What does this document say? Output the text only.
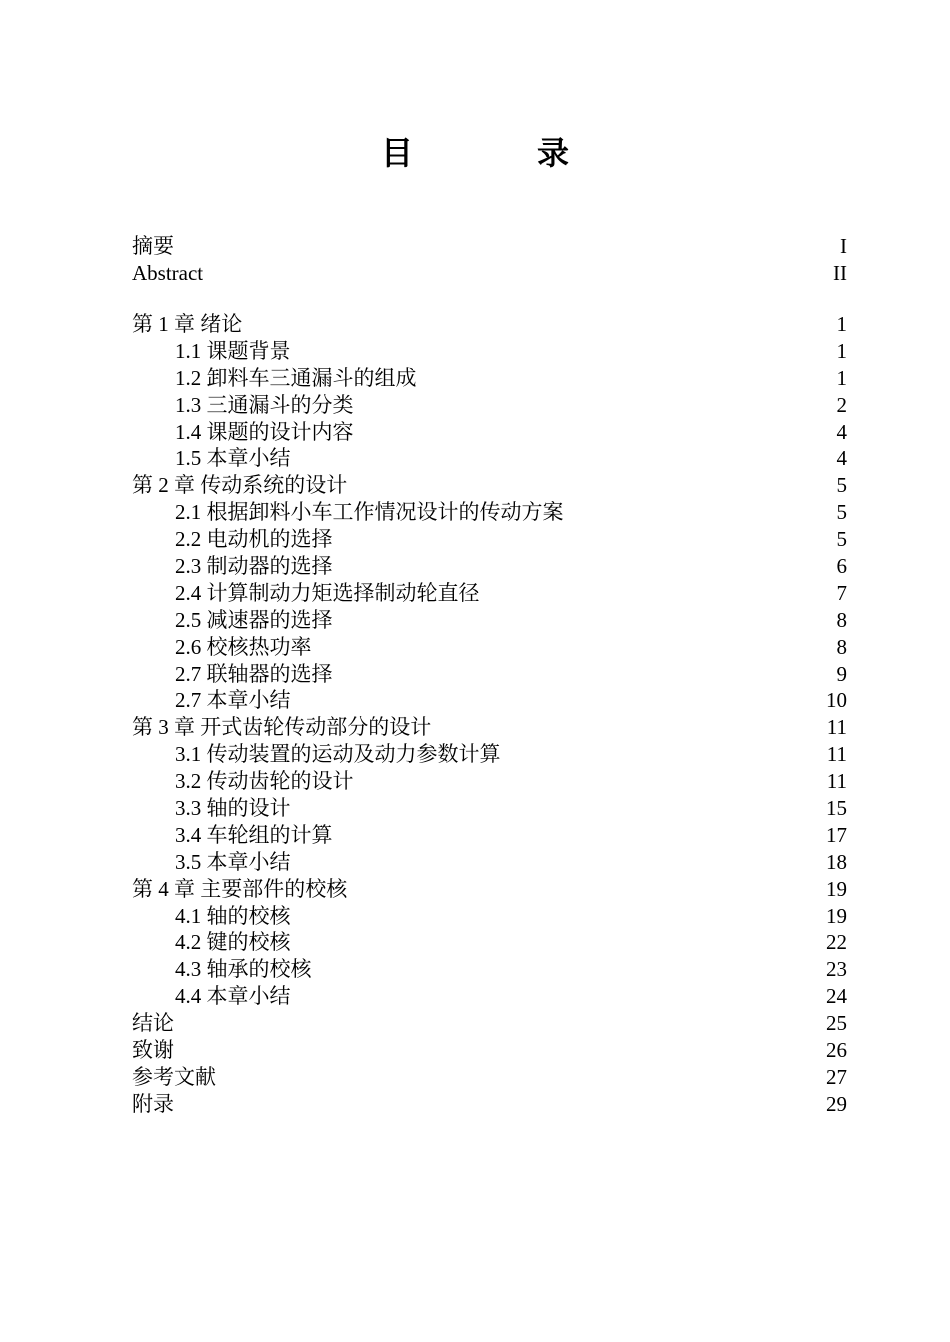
目　录
摘要	I
Abstract	II
第 1 章 绪论	1
1.1 课题背景	1
1.2 卸料车三通漏斗的组成	1
1.3 三通漏斗的分类	2
1.4 课题的设计内容	4
1.5 本章小结	4
第 2 章 传动系统的设计	5
2.1 根据卸料小车工作情况设计的传动方案	5
2.2 电动机的选择	5
2.3 制动器的选择	6
2.4 计算制动力矩选择制动轮直径	7
2.5 减速器的选择	8
2.6 校核热功率	8
2.7 联轴器的选择	9
2.7 本章小结	10
第 3 章 开式齿轮传动部分的设计	11
3.1 传动装置的运动及动力参数计算	11
3.2 传动齿轮的设计	11
3.3 轴的设计	15
3.4 车轮组的计算	17
3.5 本章小结	18
第 4 章 主要部件的校核	19
4.1 轴的校核	19
4.2 键的校核	22
4.3 轴承的校核	23
4.4 本章小结	24
结论	25
致谢	26
参考文献	27
附录	29
